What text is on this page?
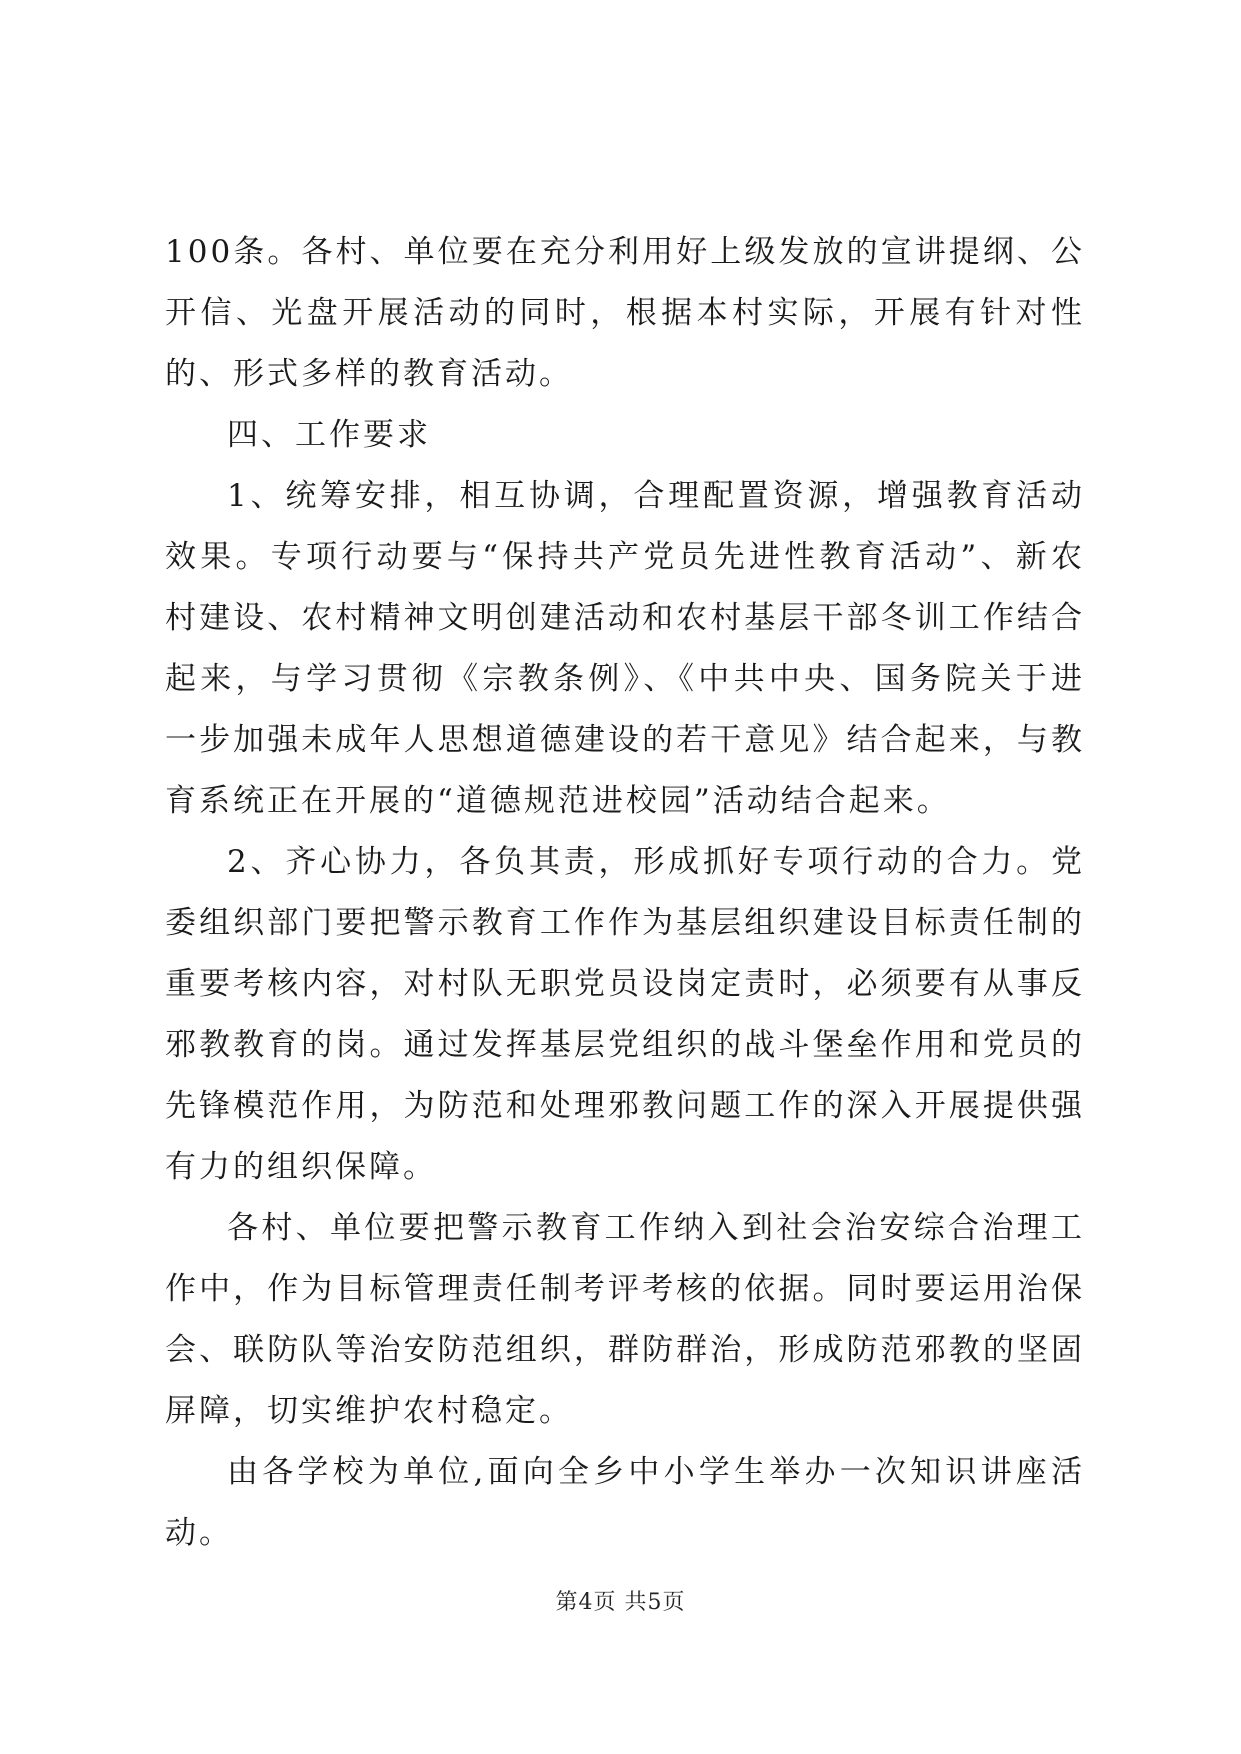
100条。各村、单位要在充分利用好上级发放的宣讲提纲、公开信、光盘开展活动的同时，根据本村实际，开展有针对性的、形式多样的教育活动。

四、工作要求

1、统筹安排，相互协调，合理配置资源，增强教育活动效果。专项行动要与“保持共产党员先进性教育活动”、新农村建设、农村精神文明创建活动和农村基层干部冬训工作结合起来，与学习贯彻《宗教条例》、《中共中央、国务院关于进一步加强未成年人思想道德建设的若干意见》结合起来，与教育系统正在开展的“道德规范进校园”活动结合起来。

2、齐心协力，各负其责，形成抓好专项行动的合力。党委组织部门要把警示教育工作作为基层组织建设目标责任制的重要考核内容，对村队无职党员设岗定责时，必须要有从事反邪教教育的岗。通过发挥基层党组织的战斗堡垒作用和党员的先锋模范作用，为防范和处理邪教问题工作的深入开展提供强有力的组织保障。

各村、单位要把警示教育工作纳入到社会治安综合治理工作中，作为目标管理责任制考评考核的依据。同时要运用治保会、联防队等治安防范组织，群防群治，形成防范邪教的坚固屏障，切实维护农村稳定。

由各学校为单位,面向全乡中小学生举办一次知识讲座活动。

第4页 共5页
